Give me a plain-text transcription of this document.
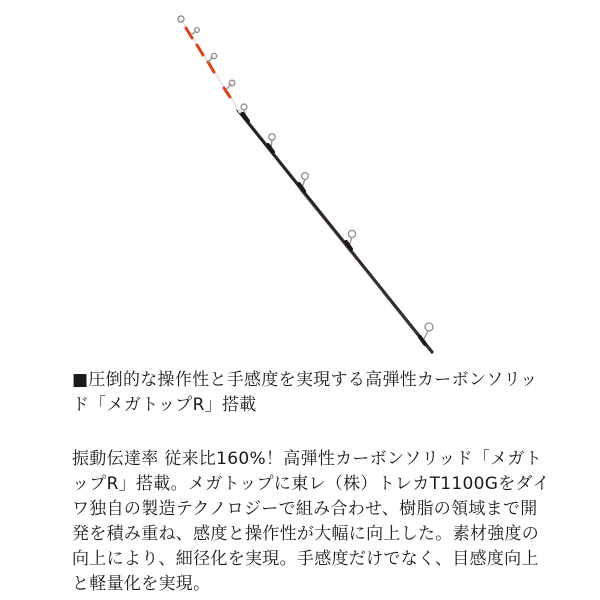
■圧倒的な操作性と手感度を実現する高弾性カーボンソリッド「メガトップR」搭載

振動伝達率 従来比160%！高弾性カーボンソリッド「メガトップR」搭載。メガトップに東レ（株）トレカT1100Gをダイワ独自の製造テクノロジーで組み合わせ、樹脂の領域まで開発を積み重ね、感度と操作性が大幅に向上した。素材強度の向上により、細径化を実現。手感度だけでなく、目感度向上と軽量化を実現。
